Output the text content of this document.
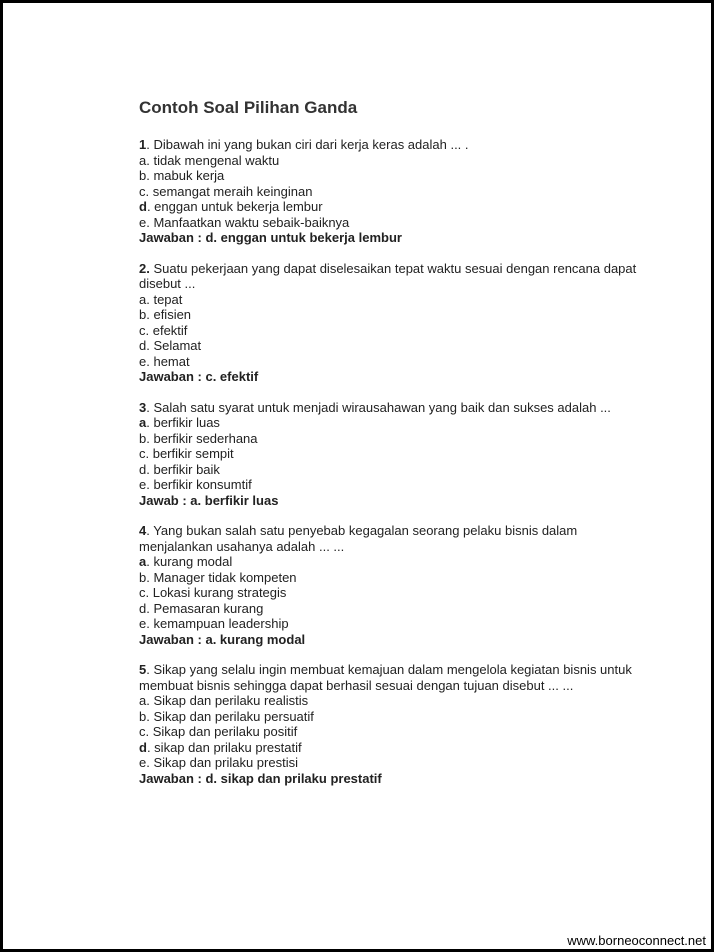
Contoh Soal Pilihan Ganda

1. Dibawah ini yang bukan ciri dari kerja keras adalah ... .

a. tidak mengenal waktu

b. mabuk kerja

c. semangat meraih keinginan

d. enggan untuk bekerja lembur

e. Manfaatkan waktu sebaik-baiknya

Jawaban : d. enggan untuk bekerja lembur

2. Suatu pekerjaan yang dapat diselesaikan tepat waktu sesuai dengan rencana dapat disebut ...

a. tepat

b. efisien

c. efektif

d. Selamat

e. hemat

Jawaban : c. efektif

3. Salah satu syarat untuk menjadi wirausahawan yang baik dan sukses adalah ...

a. berfikir luas

b. berfikir sederhana

c. berfikir sempit

d. berfikir baik

e. berfikir konsumtif

Jawab : a. berfikir luas

4. Yang bukan salah satu penyebab kegagalan seorang pelaku bisnis dalam menjalankan usahanya adalah ... ...

a. kurang modal

b. Manager tidak kompeten

c. Lokasi kurang strategis

d. Pemasaran kurang

e. kemampuan leadership

Jawaban : a. kurang modal

5. Sikap yang selalu ingin membuat kemajuan dalam mengelola kegiatan bisnis untuk membuat bisnis sehingga dapat berhasil sesuai dengan tujuan disebut ... ...

a. Sikap dan perilaku realistis

b. Sikap dan perilaku persuatif

c. Sikap dan perilaku positif

d. sikap dan prilaku prestatif

e. Sikap dan prilaku prestisi

Jawaban : d. sikap dan prilaku prestatif

www.borneoconnect.net
